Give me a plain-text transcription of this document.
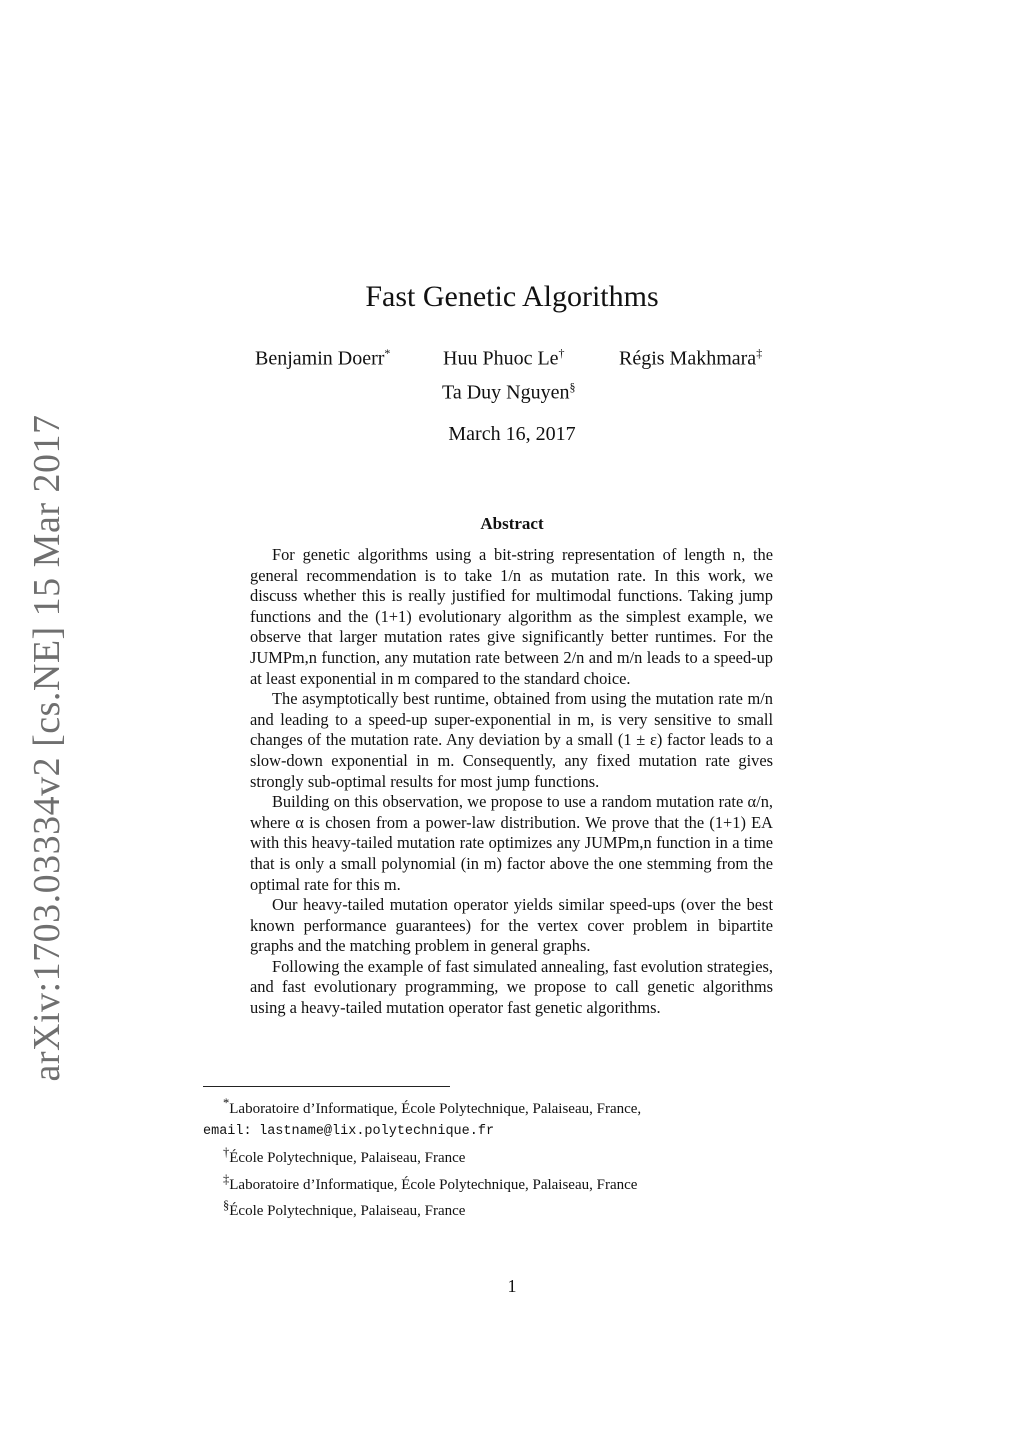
arXiv:1703.03334v2 [cs.NE] 15 Mar 2017
Fast Genetic Algorithms
Benjamin Doerr*	Huu Phuoc Le†	Régis Makhmara‡
Ta Duy Nguyen§
March 16, 2017
Abstract

For genetic algorithms using a bit-string representation of length n, the general recommendation is to take 1/n as mutation rate. In this work, we discuss whether this is really justified for multimodal functions. Taking jump functions and the (1+1) evolutionary algorithm as the simplest example, we observe that larger mutation rates give significantly better runtimes. For the JUMPm,n function, any mutation rate between 2/n and m/n leads to a speed-up at least exponential in m compared to the standard choice.

The asymptotically best runtime, obtained from using the mutation rate m/n and leading to a speed-up super-exponential in m, is very sensitive to small changes of the mutation rate. Any deviation by a small (1 ± ε) factor leads to a slow-down exponential in m. Consequently, any fixed mutation rate gives strongly sub-optimal results for most jump functions.

Building on this observation, we propose to use a random mutation rate α/n, where α is chosen from a power-law distribution. We prove that the (1+1) EA with this heavy-tailed mutation rate optimizes any JUMPm,n function in a time that is only a small polynomial (in m) factor above the one stemming from the optimal rate for this m.

Our heavy-tailed mutation operator yields similar speed-ups (over the best known performance guarantees) for the vertex cover problem in bipartite graphs and the matching problem in general graphs.

Following the example of fast simulated annealing, fast evolution strategies, and fast evolutionary programming, we propose to call genetic algorithms using a heavy-tailed mutation operator fast genetic algorithms.

*Laboratoire d’Informatique, École Polytechnique, Palaiseau, France,
email: lastname@lix.polytechnique.fr
†École Polytechnique, Palaiseau, France
‡Laboratoire d’Informatique, École Polytechnique, Palaiseau, France
§École Polytechnique, Palaiseau, France
1
